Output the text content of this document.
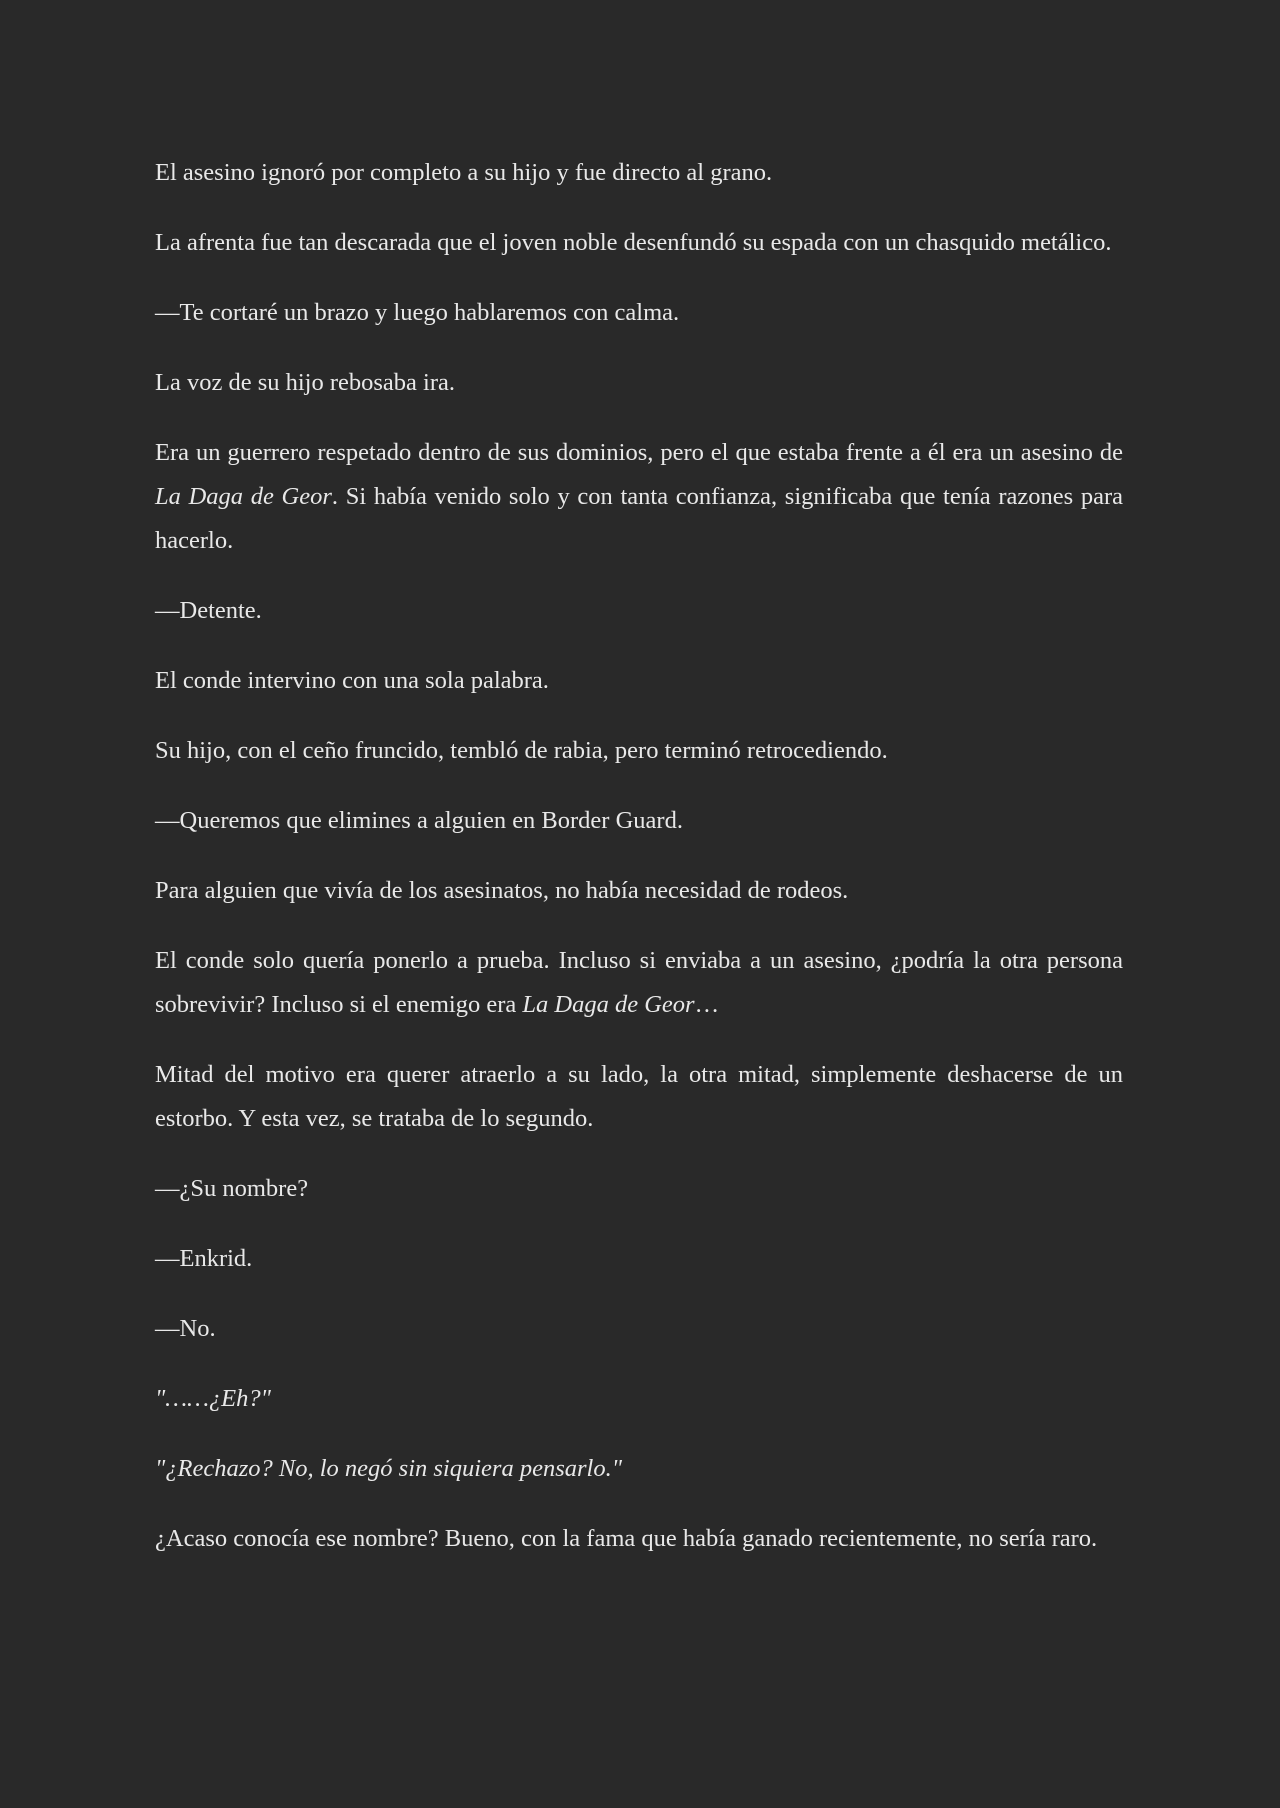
El asesino ignoró por completo a su hijo y fue directo al grano.

La afrenta fue tan descarada que el joven noble desenfundó su espada con un chasquido metálico.

—Te cortaré un brazo y luego hablaremos con calma.

La voz de su hijo rebosaba ira.

Era un guerrero respetado dentro de sus dominios, pero el que estaba frente a él era un asesino de La Daga de Geor. Si había venido solo y con tanta confianza, significaba que tenía razones para hacerlo.

—Detente.

El conde intervino con una sola palabra.

Su hijo, con el ceño fruncido, tembló de rabia, pero terminó retrocediendo.

—Queremos que elimines a alguien en Border Guard.

Para alguien que vivía de los asesinatos, no había necesidad de rodeos.

El conde solo quería ponerlo a prueba. Incluso si enviaba a un asesino, ¿podría la otra persona sobrevivir? Incluso si el enemigo era La Daga de Geor…

Mitad del motivo era querer atraerlo a su lado, la otra mitad, simplemente deshacerse de un estorbo. Y esta vez, se trataba de lo segundo.

—¿Su nombre?

—Enkrid.

—No.

"……¿Eh?"

"¿Rechazo? No, lo negó sin siquiera pensarlo."

¿Acaso conocía ese nombre? Bueno, con la fama que había ganado recientemente, no sería raro.
